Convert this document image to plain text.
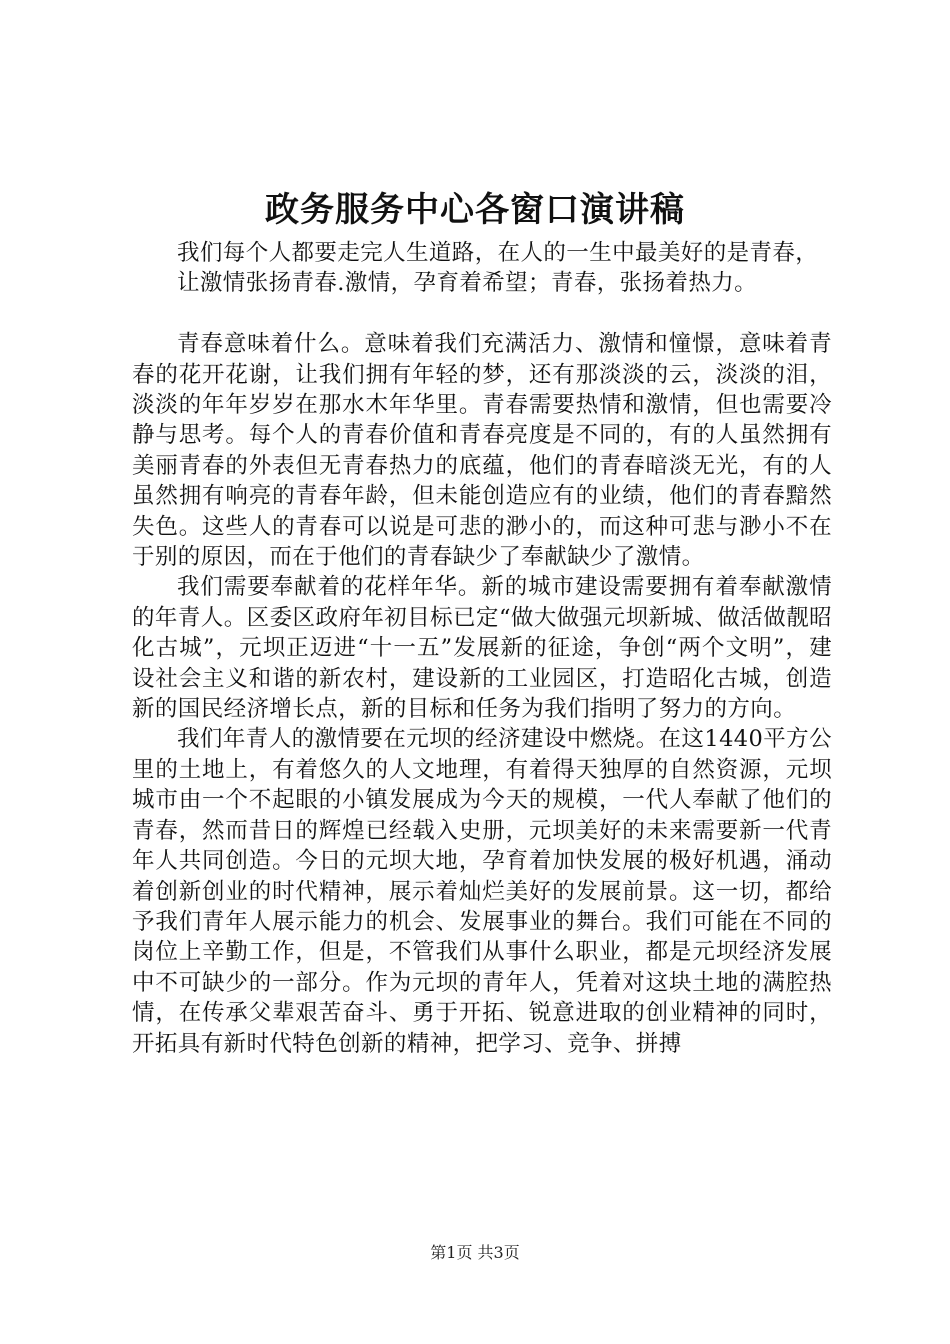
政务服务中心各窗口演讲稿

我们每个人都要走完人生道路，在人的一生中最美好的是青春，

让激情张扬青春.激情，孕育着希望；青春，张扬着热力。

青春意味着什么。意味着我们充满活力、激情和憧憬，意味着青春的花开花谢，让我们拥有年轻的梦，还有那淡淡的云，淡淡的泪，淡淡的年年岁岁在那水木年华里。青春需要热情和激情，但也需要冷静与思考。每个人的青春价值和青春亮度是不同的，有的人虽然拥有美丽青春的外表但无青春热力的底蕴，他们的青春暗淡无光，有的人虽然拥有响亮的青春年龄，但未能创造应有的业绩，他们的青春黯然失色。这些人的青春可以说是可悲的渺小的，而这种可悲与渺小不在于别的原因，而在于他们的青春缺少了奉献缺少了激情。

我们需要奉献着的花样年华。新的城市建设需要拥有着奉献激情的年青人。区委区政府年初目标已定“做大做强元坝新城、做活做靓昭化古城”，元坝正迈进“十一五”发展新的征途，争创“两个文明”，建设社会主义和谐的新农村，建设新的工业园区，打造昭化古城，创造新的国民经济增长点，新的目标和任务为我们指明了努力的方向。

我们年青人的激情要在元坝的经济建设中燃烧。在这1440平方公里的土地上，有着悠久的人文地理，有着得天独厚的自然资源，元坝城市由一个不起眼的小镇发展成为今天的规模，一代人奉献了他们的青春，然而昔日的辉煌已经载入史册，元坝美好的未来需要新一代青年人共同创造。今日的元坝大地，孕育着加快发展的极好机遇，涌动着创新创业的时代精神，展示着灿烂美好的发展前景。这一切，都给予我们青年人展示能力的机会、发展事业的舞台。我们可能在不同的岗位上辛勤工作，但是，不管我们从事什么职业，都是元坝经济发展中不可缺少的一部分。作为元坝的青年人，凭着对这块土地的满腔热情，在传承父辈艰苦奋斗、勇于开拓、锐意进取的创业精神的同时，开拓具有新时代特色创新的精神，把学习、竞争、拼搏

第1页 共3页
